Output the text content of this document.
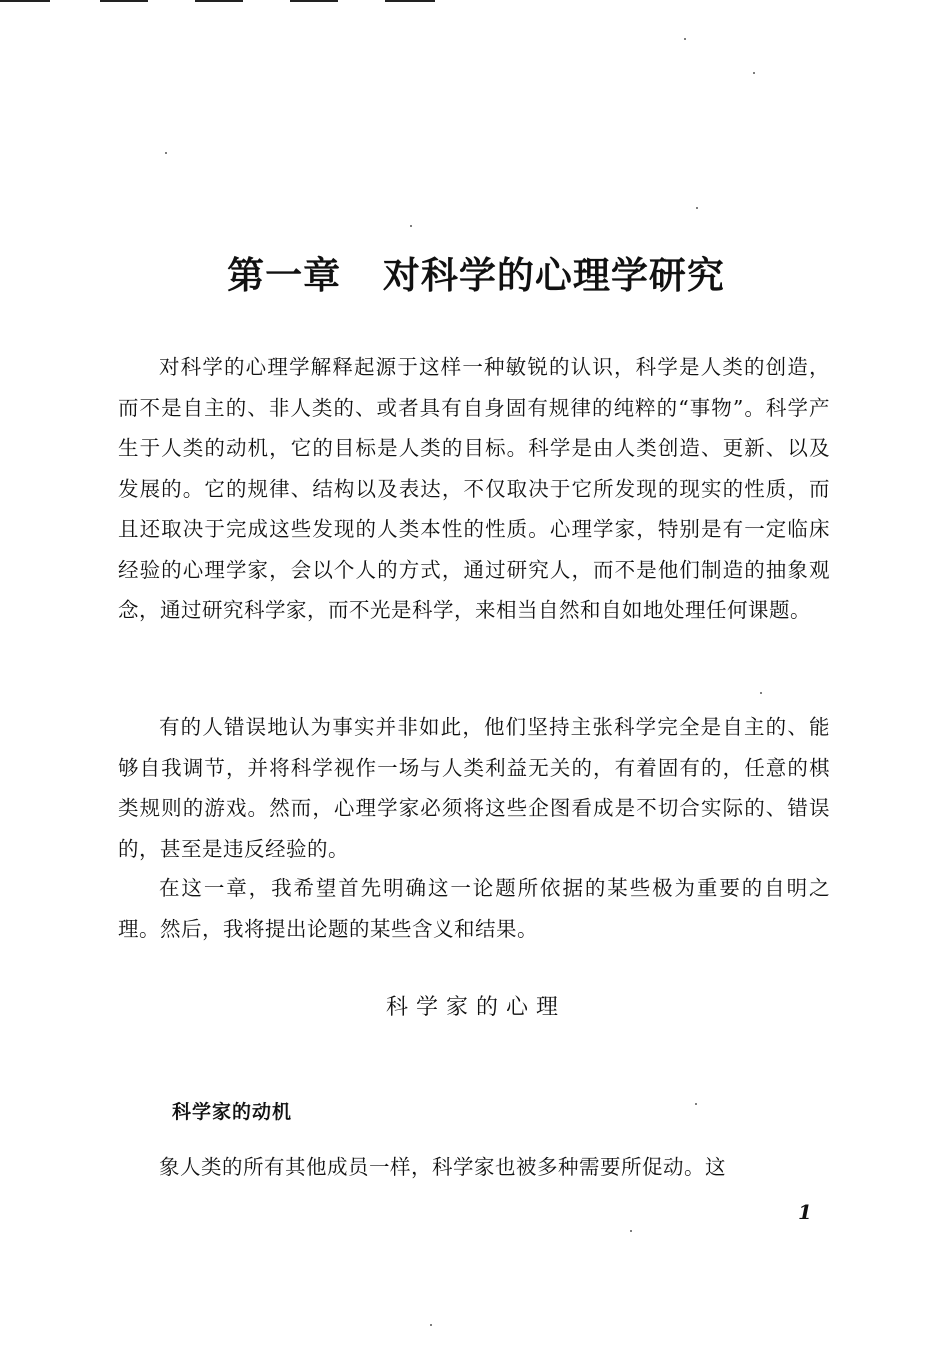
第一章   对科学的心理学研究

对科学的心理学解释起源于这样一种敏锐的认识，科学是人类的创造，而不是自主的、非人类的、或者具有自身固有规律的纯粹的“事物”。科学产生于人类的动机，它的目标是人类的目标。科学是由人类创造、更新、以及发展的。它的规律、结构以及表达，不仅取决于它所发现的现实的性质，而且还取决于完成这些发现的人类本性的性质。心理学家，特别是有一定临床经验的心理学家，会以个人的方式，通过研究人，而不是他们制造的抽象观念，通过研究科学家，而不光是科学，来相当自然和自如地处理任何课题。

有的人错误地认为事实并非如此，他们坚持主张科学完全是自主的、能够自我调节，并将科学视作一场与人类利益无关的，有着固有的，任意的棋类规则的游戏。然而，心理学家必须将这些企图看成是不切合实际的、错误的，甚至是违反经验的。

在这一章，我希望首先明确这一论题所依据的某些极为重要的自明之理。然后，我将提出论题的某些含义和结果。

科学家的心理
科学家的动机

象人类的所有其他成员一样，科学家也被多种需要所促动。这

1
